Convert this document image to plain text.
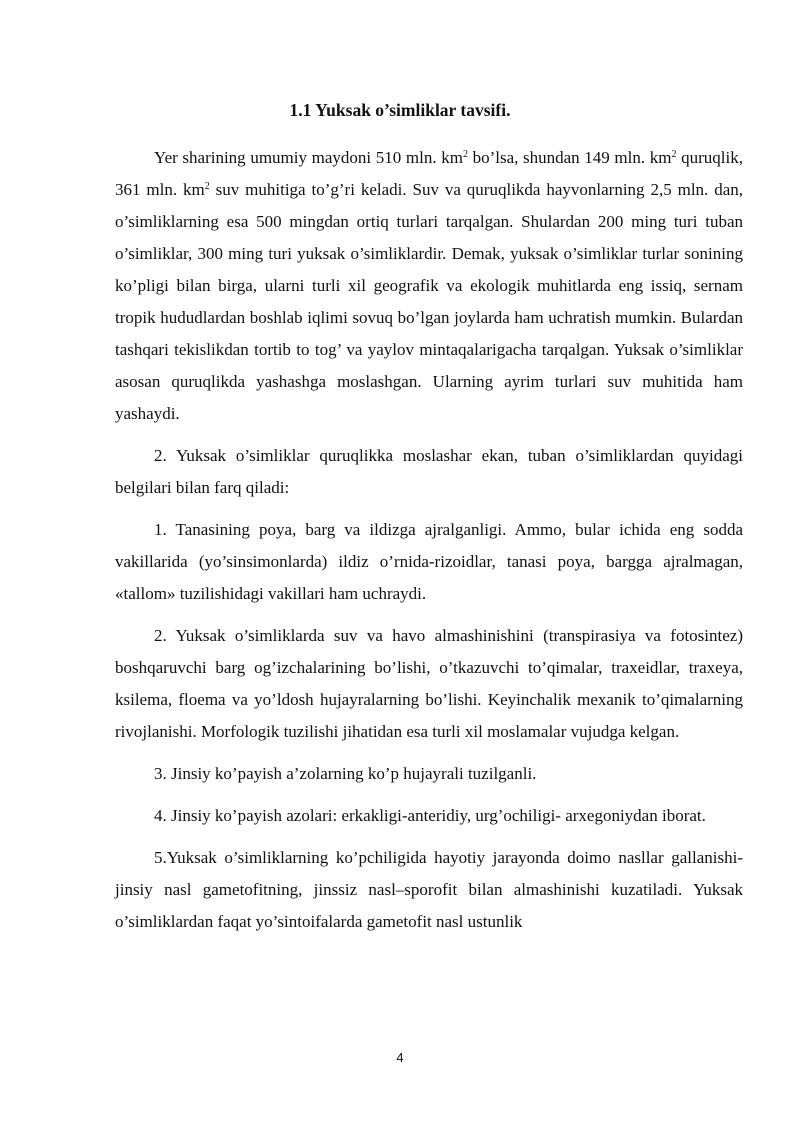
1.1 Yuksak o’simliklar tavsifi.

Yer sharining umumiy maydoni 510 mln. $km^2$ bo’lsa, shundan 149 mln. $km^2$ quruqlik, 361 mln. $km^2$ suv muhitiga to’g’ri keladi. Suv va quruqlikda hayvonlarning 2,5 mln. dan, o’simliklarning esa 500 mingdan ortiq turlari tarqalgan. Shulardan 200 ming turi tuban o’simliklar, 300 ming turi yuksak o’simliklardir. Demak, yuksak o’simliklar turlar sonining ko’pligi bilan birga, ularni turli xil geografik va ekologik muhitlarda eng issiq, sernam tropik hududlardan boshlab iqlimi sovuq bo’lgan joylarda ham uchratish mumkin. Bulardan tashqari tekislikdan tortib to tog’ va yaylov mintaqalarigacha tarqalgan. Yuksak o’simliklar asosan quruqlikda yashashga moslashgan. Ularning ayrim turlari suv muhitida ham yashaydi.

2. Yuksak o’simliklar quruqlikka moslashar ekan, tuban o’simliklardan quyidagi belgilari bilan farq qiladi:

1. Tanasining poya, barg va ildizga ajralganligi. Ammo, bular ichida eng sodda vakillarida (yo’sinsimonlarda) ildiz o’rnida-rizoidlar, tanasi poya, bargga ajralmagan, «tallom» tuzilishidagi vakillari ham uchraydi.

2. Yuksak o’simliklarda suv va havo almashinishini (transpirasiya va fotosintez) boshqaruvchi barg og’izchalarining bo’lishi, o’tkazuvchi to’qimalar, traxeidlar, traxeya, ksilema, floema va yo’ldosh hujayralarning bo’lishi. Keyinchalik mexanik to’qimalarning rivojlanishi. Morfologik tuzilishi jihatidan esa turli xil moslamalar vujudga kelgan.

3. Jinsiy ko’payish a’zolarning ko’p hujayrali tuzilganli.

4. Jinsiy ko’payish azolari: erkakligi-anteridiy, urg’ochiligi- arxegoniydan iborat.

5.Yuksak o’simliklarning ko’pchiligida hayotiy jarayonda doimo nasllar gallanishi-jinsiy nasl gametofitning, jinssiz nasl–sporofit bilan almashinishi kuzatiladi. Yuksak o’simliklardan faqat yo’sintoifalarda gametofit nasl ustunlik

4
